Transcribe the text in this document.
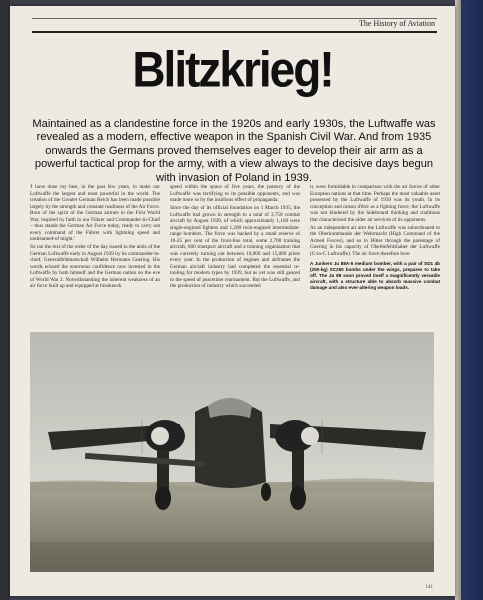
The History of Aviation
Blitzkrieg!
Maintained as a clandestine force in the 1920s and early 1930s, the Luftwaffe was revealed as a modern, effective weapon in the Spanish Civil War. And from 1935 onwards the Germans proved themselves eager to develop their air arm as a powerful tactical prop for the army, with a view always to the decisive days begun with invasion of Poland in 1939.

'I have done my best, in the past few years, to make our Luftwaffe the largest and most powerful in the world. The creation of the Greater German Reich has been made possible largely by the strength and constant readiness of the Air Force. Born of the spirit of the German airmen in the First World War, inspired by faith in our Führer and Commander-in-Chief – thus stands the German Air Force today, ready to carry out every command of the Führer with lightning speed and undreamed-of might.'

So ran the text of the order of the day issued to the units of the German Luftwaffe early in August 1939 by its commander-in-chief, Generalfeldmarschall Wilhelm Hermann Goering. His words echoed the enormous confidence now invested in the Luftwaffe by both himself and the German nation on the eve of World War 2. Notwithstanding the inherent weakness of an air force built up and equipped at breakneck

speed within the space of five years, the potency of the Luftwaffe was terrifying to its possible opponents, and was made more so by the insidious effect of propaganda.

Since the day of its official foundation on 1 March 1935, the Luftwaffe had grown in strength to a total of 3,750 combat aircraft by August 1939, of which approximately 1,160 were single-engined fighters and 1,200 twin-engined intermediate-range bombers. The force was backed by a small reserve of 10-25 per cent of the front-line total, some 2,700 training aircraft, 600 transport aircraft and a training organisation that was currently turning out between 10,000 and 15,000 pilots every year. In the production of engines and airframes the German aircraft industry had completed the essential re-tooling for modern types by 1939, but as yet was still geared to the speed of peacetime rearmament. But the Luftwaffe, and the production of industry which succeeded

it, were formidable in comparison with the air forces of other European nations at that time. Perhaps the most valuable asset possessed by the Luftwaffe of 1939 was its youth. In its conception and raison d'être as a fighting force, the Luftwaffe was not hindered by the hidebound thinking and traditions that characterised the older air services of its opponents.

As an independent air arm the Luftwaffe was subordinated to the Oberkommando der Wehrmacht (High Command of the Armed Forces), and so to Hitler through the parentage of Goering in his capacity of Oberbefehlshaber der Luftwaffe (C-in-C Luftwaffe). The air force therefore bore

A Junkers Ju 88A-5 medium bomber, with a pair of SD1 4b (250-kg) SC250 bombs under the wings, prepares to take off. The Ju 88 soon proved itself a magnificently versatile aircraft, with a structure able to absorb massive combat damage and also ever-altering weapon loads.
141
